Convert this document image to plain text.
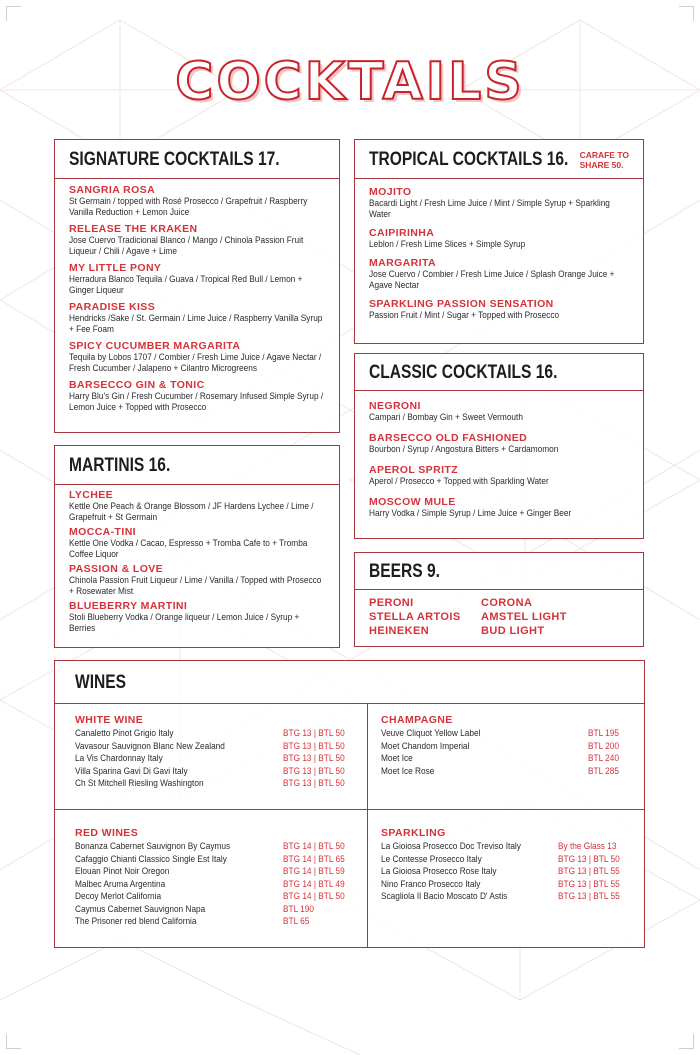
COCKTAILS
SIGNATURE COCKTAILS 17.
SANGRIA ROSA
St Germain / topped with Rosé Prosecco / Grapefruit / Raspberry Vanilla Reduction + Lemon Juice
RELEASE THE KRAKEN
Jose Cuervo Tradicional Blanco / Mango / Chinola Passion Fruit Liqueur / Chili / Agave + Lime
MY LITTLE PONY
Herradura Blanco Tequila / Guava / Tropical Red Bull / Lemon + Ginger Liqueur
PARADISE KISS
Hendricks /Sake / St. Germain / Lime Juice / Raspberry Vanilla Syrup + Fee Foam
SPICY CUCUMBER MARGARITA
Tequila by Lobos 1707 / Combier / Fresh Lime Juice / Agave Nectar / Fresh Cucumber / Jalapeno + Cilantro Microgreens
BARSECCO GIN & TONIC
Harry Blu's Gin / Fresh Cucumber / Rosemary Infused Simple Syrup / Lemon Juice + Topped with Prosecco
TROPICAL COCKTAILS 16. CARAFE TO
SHARE 50.
MOJITO
Bacardi Light / Fresh Lime Juice / Mint / Simple Syrup + Sparkling Water
CAIPIRINHA
Leblon / Fresh Lime Slices + Simple Syrup
MARGARITA
Jose Cuervo / Combier / Fresh Lime Juice / Splash Orange Juice + Agave Nectar
SPARKLING PASSION SENSATION
Passion Fruit / Mint / Sugar + Topped with Prosecco
CLASSIC COCKTAILS 16.
NEGRONI
Campari / Bombay Gin + Sweet Vermouth
BARSECCO OLD FASHIONED
Bourbon / Syrup / Angostura Bitters + Cardamomon
APEROL SPRITZ
Aperol / Prosecco + Topped with Sparkling Water
MOSCOW MULE
Harry Vodka / Simple Syrup / Lime Juice + Ginger Beer
MARTINIS 16.
LYCHEE
Kettle One Peach & Orange Blossom / JF Hardens Lychee / Lime / Grapefruit + St Germain
MOCCA-TINI
Kettle One Vodka / Cacao, Espresso + Tromba Cafe to + Tromba Coffee Liquor
PASSION & LOVE
Chinola Passion Fruit Liqueur / Lime / Vanilla / Topped with Prosecco + Rosewater Mist
BLUEBERRY MARTINI
Stoli Blueberry Vodka / Orange liqueur / Lemon Juice / Syrup + Berries
BEERS 9.
PERONI	CORONA
STELLA ARTOIS	AMSTEL LIGHT
HEINEKEN	BUD LIGHT
WINES
WHITE WINE
Canaletto Pinot Grigio Italy	BTG 13 | BTL 50
Vavasour Sauvignon Blanc New Zealand	BTG 13 | BTL 50
La Vis Chardonnay Italy	BTG 13 | BTL 50
Villa Sparina Gavi Di Gavi Italy	BTG 13 | BTL 50
Ch St Mitchell Riesling Washington	BTG 13 | BTL 50
CHAMPAGNE
Veuve Cliquot Yellow Label	BTL 195
Moet Chandom Imperial	BTL 200
Moet Ice	BTL 240
Moet Ice Rose	BTL 285
RED WINES
Bonanza Cabernet Sauvignon By Caymus	BTG 14 | BTL 50
Cafaggio Chianti Classico Single Est Italy	BTG 14 | BTL 65
Elouan Pinot Noir Oregon	BTG 14 | BTL 59
Malbec Aruma Argentina	BTG 14 | BTL 49
Decoy Merlot California	BTG 14 | BTL 50
Caymus Cabernet Sauvignon Napa	BTL 190
The Prisoner red blend California	BTL 65
SPARKLING
La Gioiosa Prosecco Doc Treviso Italy	By the Glass 13
Le Contesse Prosecco Italy	BTG 13 | BTL 50
La Gioiosa Prosecco Rose Italy	BTG 13 | BTL 55
Nino Franco Prosecco Italy	BTG 13 | BTL 55
Scagliola Il Bacio Moscato D' Astis	BTG 13 | BTL 55
